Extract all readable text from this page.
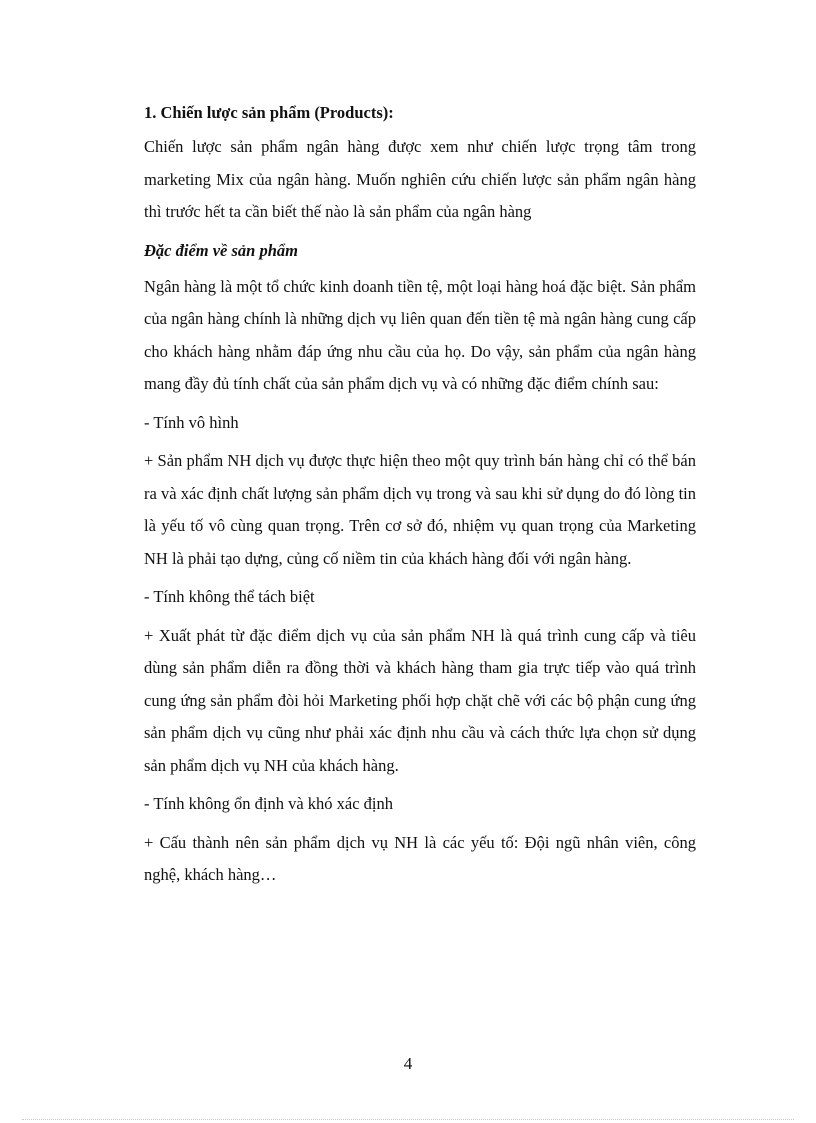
1. Chiến lược sản phẩm (Products):

Chiến lược sản phẩm ngân hàng được xem như chiến lược trọng tâm trong marketing Mix của ngân hàng. Muốn nghiên cứu chiến lược sản phẩm ngân hàng thì trước hết ta cần biết thế nào là sản phẩm của ngân hàng

Đặc điểm về sản phẩm

Ngân hàng là một tổ chức kinh doanh tiền tệ, một loại hàng hoá đặc biệt. Sản phẩm của ngân hàng chính là những dịch vụ liên quan đến tiền tệ mà ngân hàng cung cấp cho khách hàng nhằm đáp ứng nhu cầu của họ. Do vậy, sản phẩm của ngân hàng mang đầy đủ tính chất của sản phẩm dịch vụ và có những đặc điểm chính sau:

- Tính vô hình

+ Sản phẩm NH dịch vụ được thực hiện theo một quy trình bán hàng chỉ có thể bán ra và xác định chất lượng sản phẩm dịch vụ trong và sau khi sử dụng do đó lòng tin là yếu tố vô cùng quan trọng. Trên cơ sở đó, nhiệm vụ quan trọng của Marketing NH là phải tạo dựng, củng cố niềm tin của khách hàng đối với ngân hàng.

- Tính không thể tách biệt

+ Xuất phát từ đặc điểm dịch vụ của sản phẩm NH là quá trình cung cấp và tiêu dùng sản phẩm diễn ra đồng thời và khách hàng tham gia trực tiếp vào quá trình cung ứng sản phẩm đòi hỏi Marketing phối hợp chặt chẽ với các bộ phận cung ứng sản phẩm dịch vụ cũng như phải xác định nhu cầu và cách thức lựa chọn sử dụng sản phẩm dịch vụ NH của khách hàng.

- Tính không ổn định và khó xác định

+ Cấu thành nên sản phẩm dịch vụ NH là các yếu tố: Đội ngũ nhân viên, công nghệ, khách hàng…

4
